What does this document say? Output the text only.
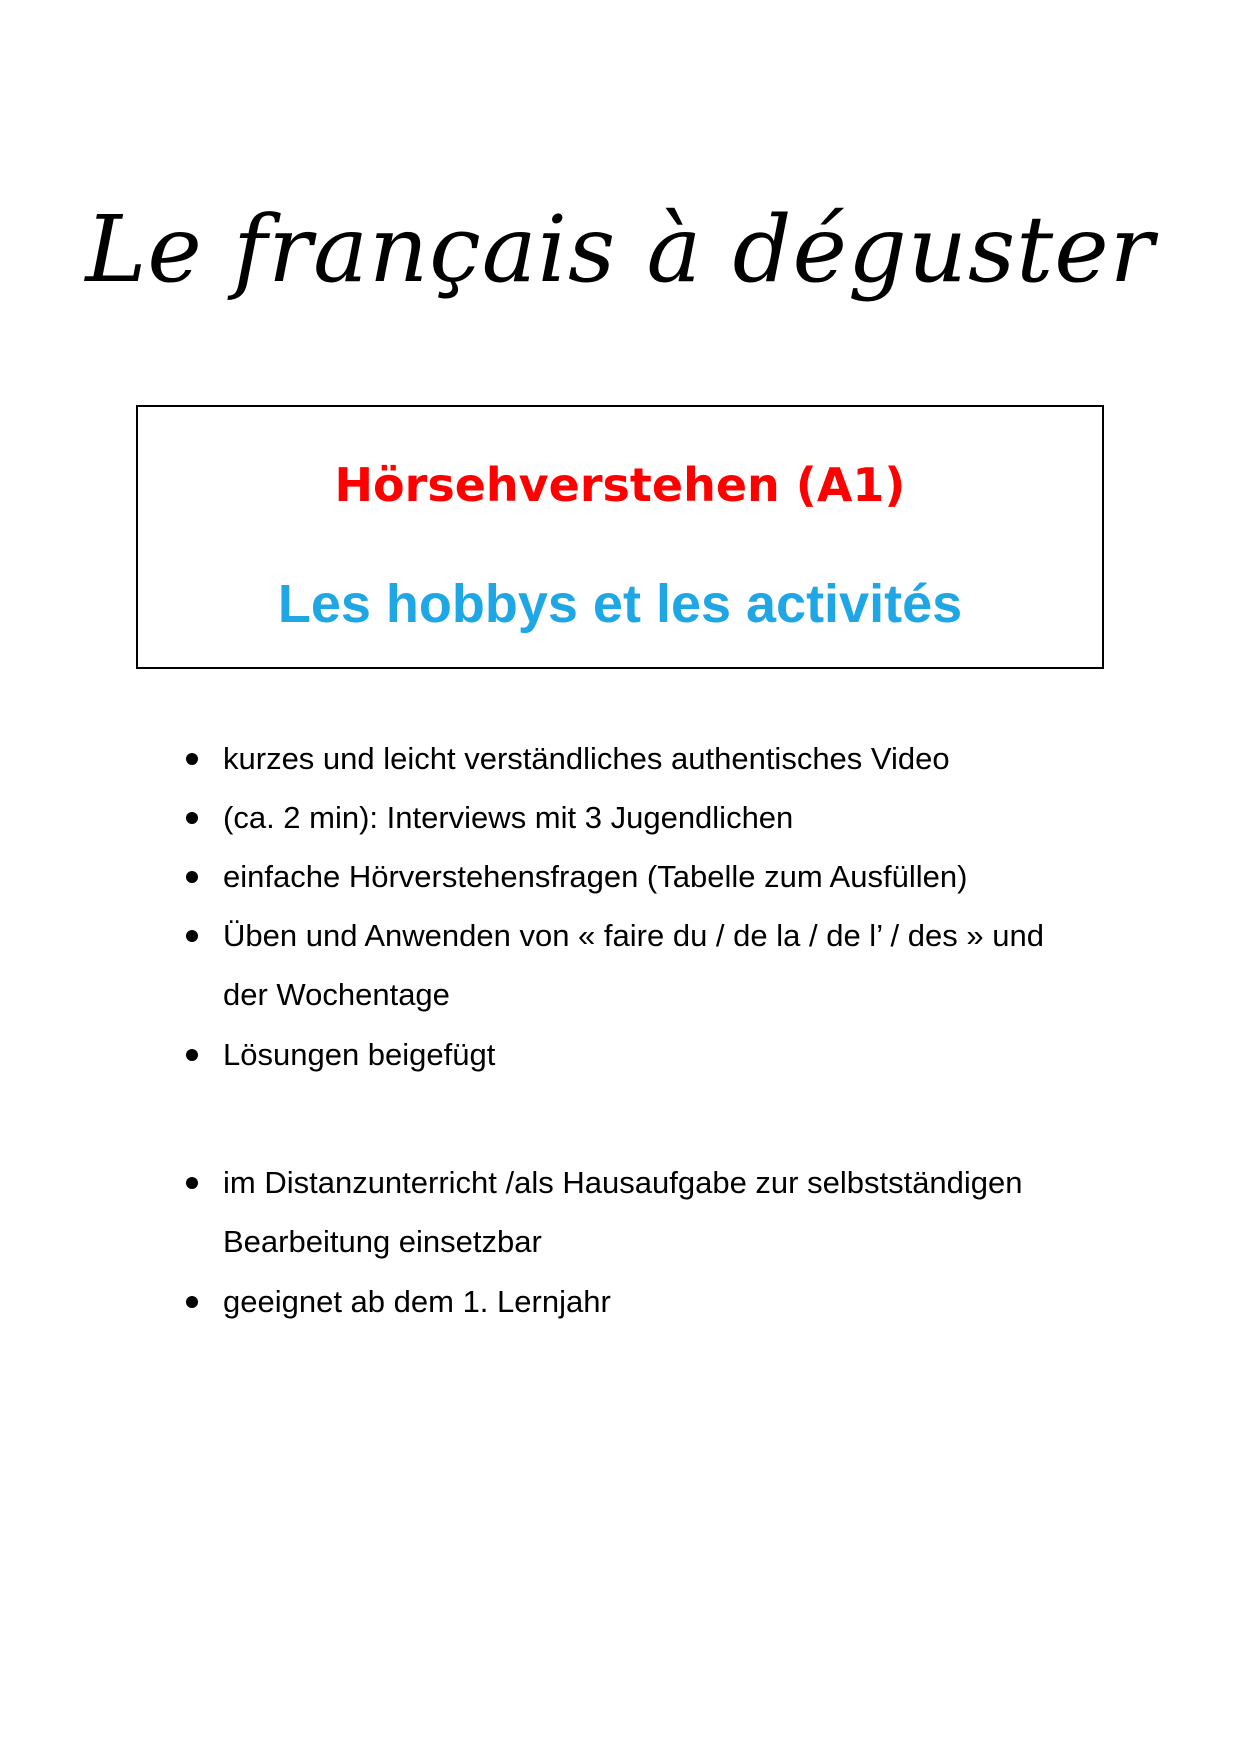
Le français à déguster
Hörsehverstehen (A1)
Les hobbys et les activités
kurzes und leicht verständliches authentisches Video
(ca. 2 min): Interviews mit 3 Jugendlichen
einfache Hörverstehensfragen (Tabelle zum Ausfüllen)
Üben und Anwenden von « faire du / de la / de l’ / des » und der Wochentage
Lösungen beigefügt
im Distanzunterricht /als Hausaufgabe zur selbstständigen Bearbeitung einsetzbar
geeignet ab dem 1. Lernjahr
